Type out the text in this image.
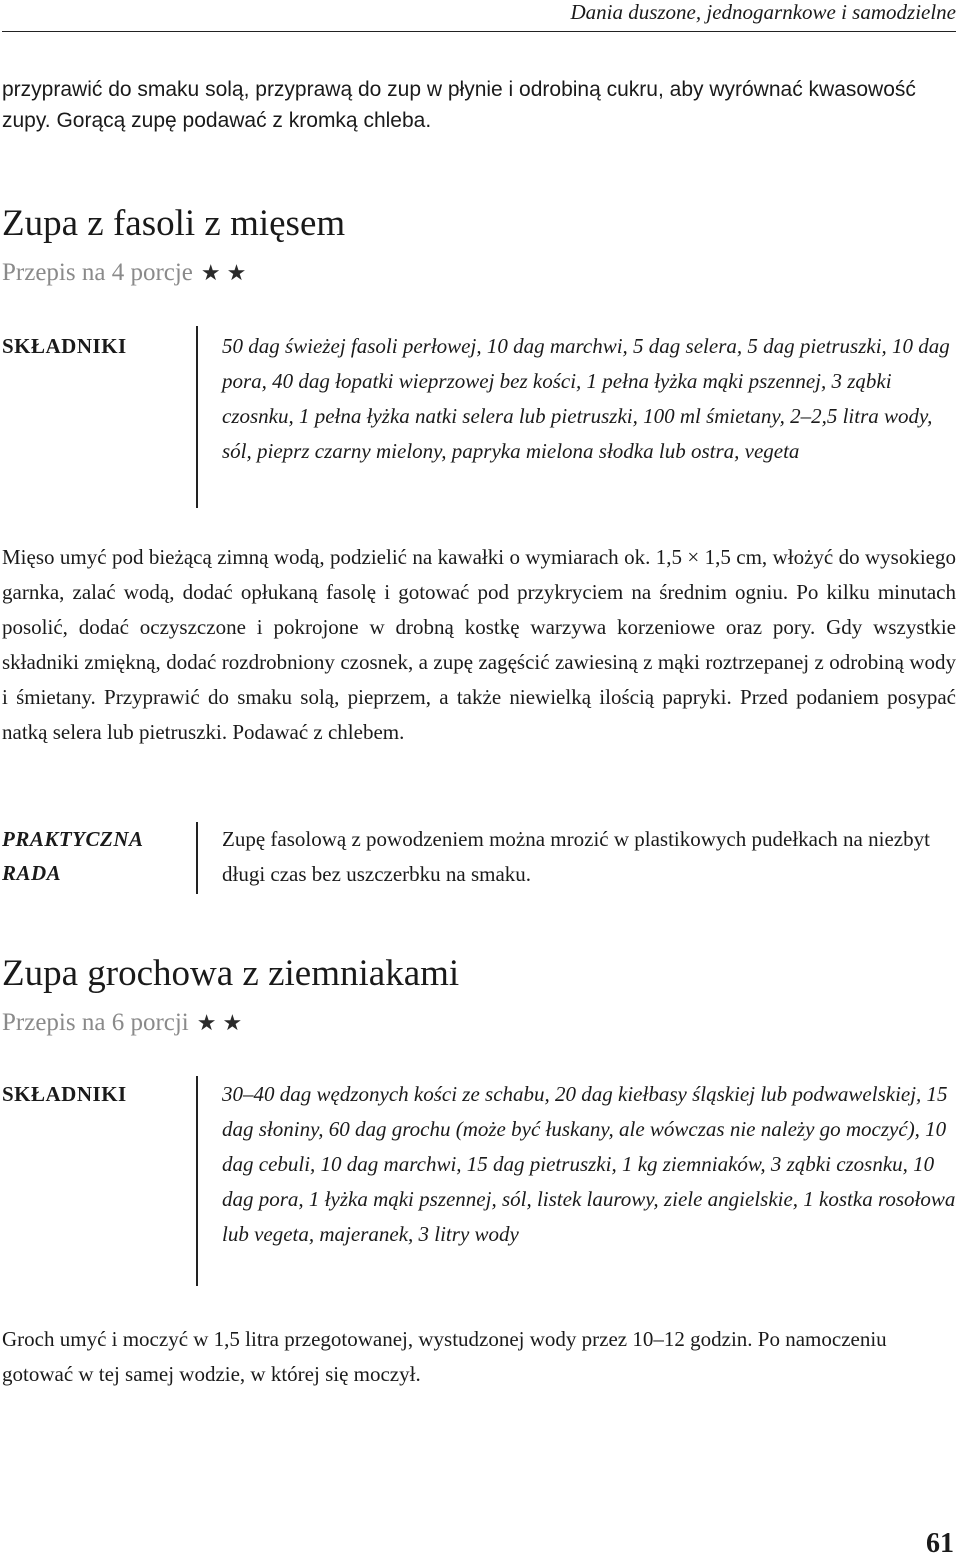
Dania duszone, jednogarnkowe i samodzielne

przyprawić do smaku solą, przyprawą do zup w płynie i odrobiną cukru, aby wyrównać kwasowość zupy. Gorącą zupę podawać z kromką chleba.

Zupa z fasoli z mięsem
Przepis na 4 porcje ★★
SKŁADNIKI	50 dag świeżej fasoli perłowej, 10 dag marchwi, 5 dag selera, 5 dag pietruszki, 10 dag pora, 40 dag łopatki wieprzowej bez kości, 1 pełna łyżka mąki pszennej, 3 ząbki czosnku, 1 pełna łyżka natki selera lub pietruszki, 100 ml śmietany, 2–2,5 litra wody, sól, pieprz czarny mielony, papryka mielona słodka lub ostra, vegeta

Mięso umyć pod bieżącą zimną wodą, podzielić na kawałki o wymiarach ok. 1,5 × 1,5 cm, włożyć do wysokiego garnka, zalać wodą, dodać opłukaną fasolę i gotować pod przykryciem na średnim ogniu. Po kilku minutach posolić, dodać oczyszczone i pokrojone w drobną kostkę warzywa korzeniowe oraz pory. Gdy wszystkie składniki zmiękną, dodać rozdrobniony czosnek, a zupę zagęścić zawiesiną z mąki roztrzepanej z odrobiną wody i śmietany. Przyprawić do smaku solą, pieprzem, a także niewielką ilością papryki. Przed podaniem posypać natką selera lub pietruszki. Podawać z chlebem.

PRAKTYCZNA
RADA

Zupę fasolową z powodzeniem można mrozić w plastikowych pudełkach na niezbyt długi czas bez uszczerbku na smaku.

Zupa grochowa z ziemniakami
Przepis na 6 porcji ★★
SKŁADNIKI	30–40 dag wędzonych kości ze schabu, 20 dag kiełbasy śląskiej lub podwawelskiej, 15 dag słoniny, 60 dag grochu (może być łuskany, ale wówczas nie należy go moczyć), 10 dag cebuli, 10 dag marchwi, 15 dag pietruszki, 1 kg ziemniaków, 3 ząbki czosnku, 10 dag pora, 1 łyżka mąki pszennej, sól, listek laurowy, ziele angielskie, 1 kostka rosołowa lub vegeta, majeranek, 3 litry wody

Groch umyć i moczyć w 1,5 litra przegotowanej, wystudzonej wody przez 10–12 godzin. Po namoczeniu gotować w tej samej wodzie, w której się moczył.

61
